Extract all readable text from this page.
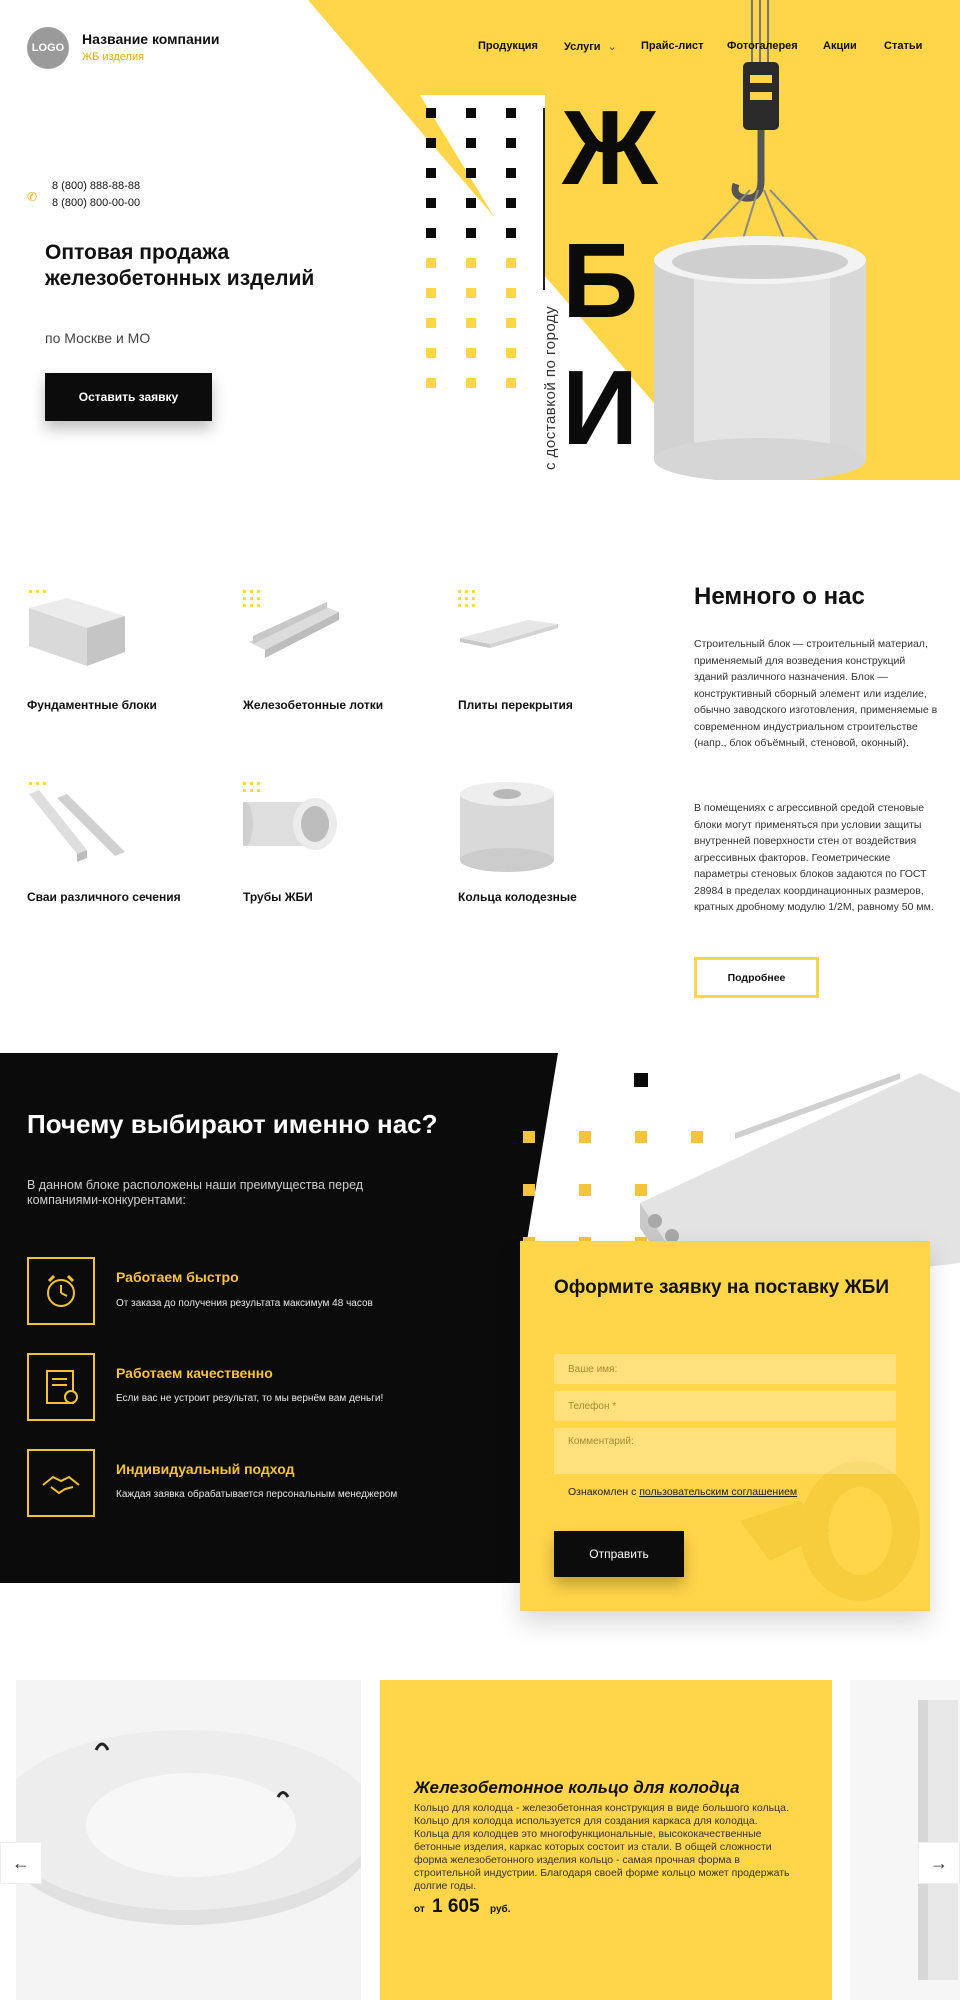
Ж
Б
И
с доставкой по городу
LOGO
Название компании
ЖБ изделия
Продукция Услуги ⌄ Прайс-лист Фотогалерея Акции Статьи
✆
8 (800) 888-88-88
8 (800) 800-00-00
Оптовая продажа железобетонных изделий
по Москве и МО
Оставить заявку
Фундаментные блоки	Железобетонные лотки	Плиты перекрытия
Сваи различного сечения	Трубы ЖБИ	Кольца колодезные
Немного о нас
Строительный блок — строительный материал, применяемый для возведения конструкций зданий различного назначения. Блок — конструктивный сборный элемент или изделие, обычно заводского изготовления, применяемые в современном индустриальном строительстве (напр., блок объёмный, стеновой, оконный).
В помещениях с агрессивной средой стеновые блоки могут применяться при условии защиты внутренней поверхности стен от воздействия агрессивных факторов. Геометрические параметры стеновых блоков задаются по ГОСТ 28984 в пределах координационных размеров, кратных дробному модулю 1/2М, равному 50 мм.
Подробнее
Почему выбирают именно нас?
В данном блоке расположены наши преимущества перед компаниями-конкурентами:
Работаем быстро
От заказа до получения результата максимум 48 часов
Работаем качественно
Если вас не устроит результат, то мы вернём вам деньги!
Индивидуальный подход
Каждая заявка обрабатывается персональным менеджером
Оформите заявку на поставку ЖБИ
Ваше имя:
Телефон *
Комментарий:
Ознакомлен с пользовательским соглашением
Отправить
Железобетонное кольцо для колодца
Кольцо для колодца - железобетонная конструкция в виде большого кольца. Кольцо для колодца используется для создания каркаса для колодца. Кольца для колодцев это многофункциональные, высококачественные бетонные изделия, каркас которых состоит из стали. В общей сложности форма железобетонного изделия кольцо - самая прочная форма в строительной индустрии. Благодаря своей форме кольцо может продержать долгие годы.
от 1 605 руб.
←	→
